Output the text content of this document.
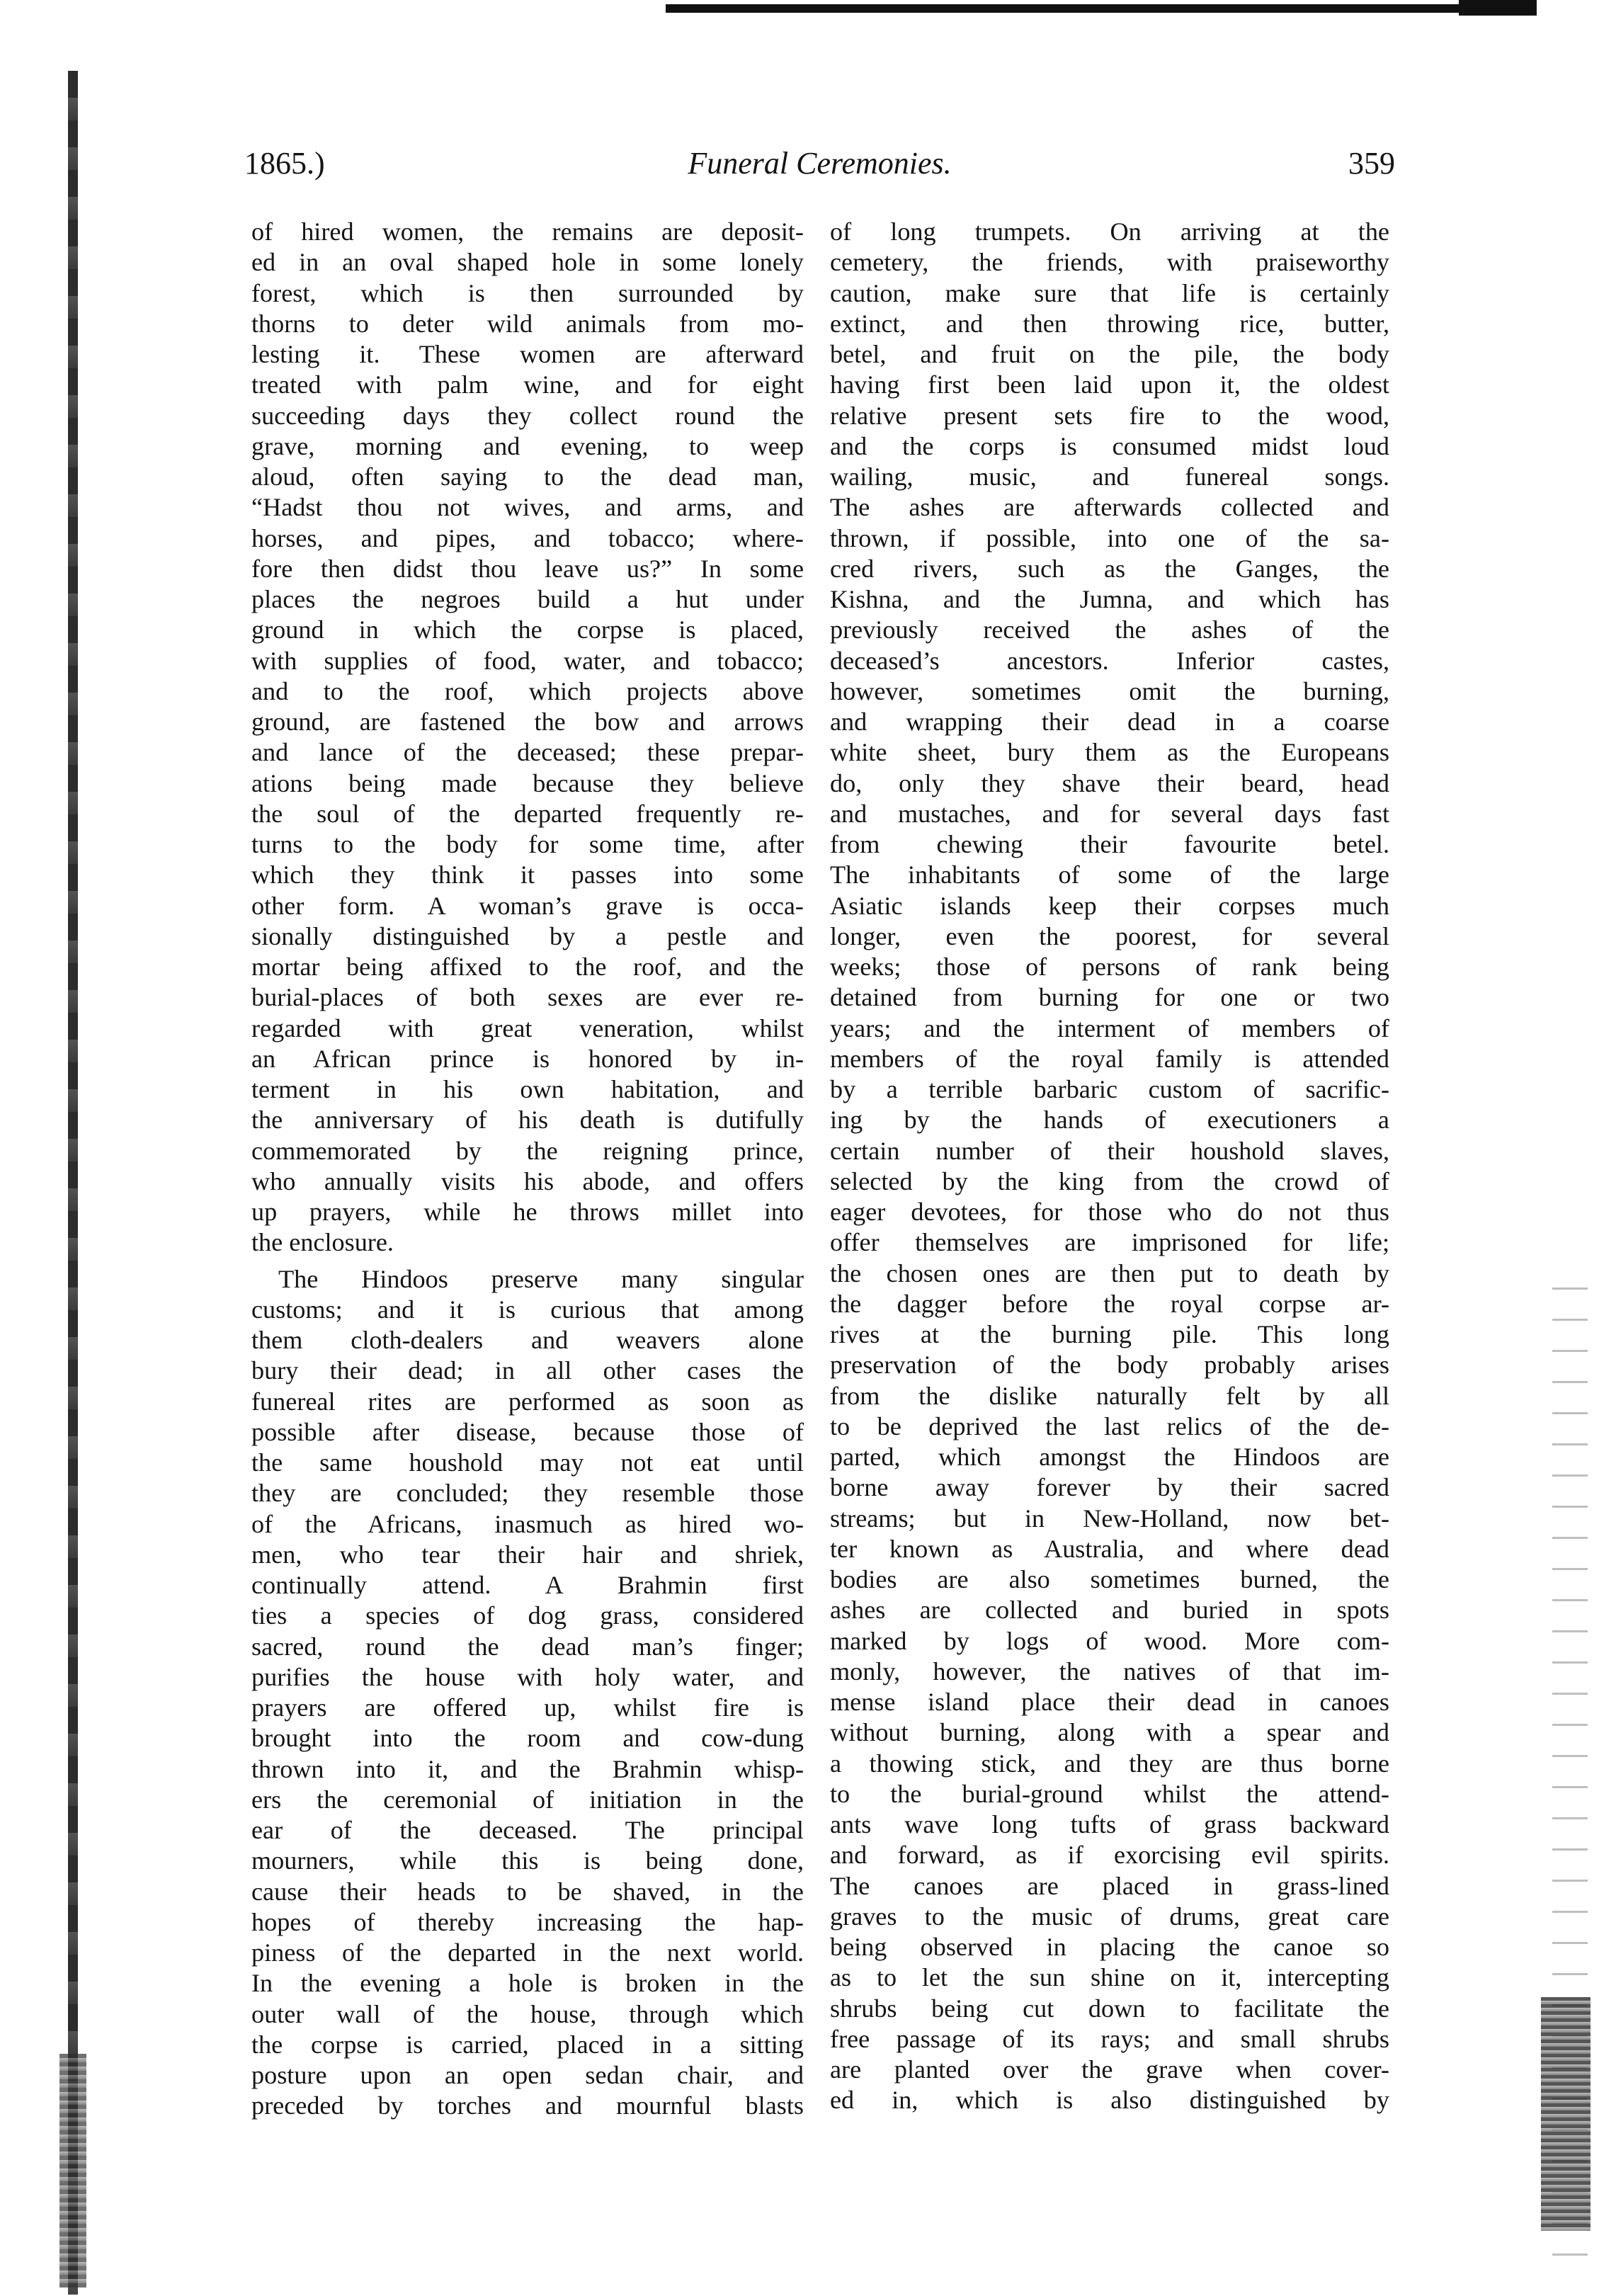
1865.)	Funeral Ceremonies.	359
of hired women, the remains are deposit-
ed in an oval shaped hole in some lonely
forest, which is then surrounded by
thorns to deter wild animals from mo-
lesting it. These women are afterward
treated with palm wine, and for eight
succeeding days they collect round the
grave, morning and evening, to weep
aloud, often saying to the dead man,
“Hadst thou not wives, and arms, and
horses, and pipes, and tobacco; where-
fore then didst thou leave us?” In some
places the negroes build a hut under
ground in which the corpse is placed,
with supplies of food, water, and tobacco;
and to the roof, which projects above
ground, are fastened the bow and arrows
and lance of the deceased; these prepar-
ations being made because they believe
the soul of the departed frequently re-
turns to the body for some time, after
which they think it passes into some
other form. A woman’s grave is occa-
sionally distinguished by a pestle and
mortar being affixed to the roof, and the
burial-places of both sexes are ever re-
regarded with great veneration, whilst
an African prince is honored by in-
terment in his own habitation, and
the anniversary of his death is dutifully
commemorated by the reigning prince,
who annually visits his abode, and offers
up prayers, while he throws millet into
the enclosure.
The Hindoos preserve many singular
customs; and it is curious that among
them cloth-dealers and weavers alone
bury their dead; in all other cases the
funereal rites are performed as soon as
possible after disease, because those of
the same houshold may not eat until
they are concluded; they resemble those
of the Africans, inasmuch as hired wo-
men, who tear their hair and shriek,
continually attend. A Brahmin first
ties a species of dog grass, considered
sacred, round the dead man’s finger;
purifies the house with holy water, and
prayers are offered up, whilst fire is
brought into the room and cow-dung
thrown into it, and the Brahmin whisp-
ers the ceremonial of initiation in the
ear of the deceased. The principal
mourners, while this is being done,
cause their heads to be shaved, in the
hopes of thereby increasing the hap-
piness of the departed in the next world.
In the evening a hole is broken in the
outer wall of the house, through which
the corpse is carried, placed in a sitting
posture upon an open sedan chair, and
preceded by torches and mournful blasts
of long trumpets. On arriving at the
cemetery, the friends, with praiseworthy
caution, make sure that life is certainly
extinct, and then throwing rice, butter,
betel, and fruit on the pile, the body
having first been laid upon it, the oldest
relative present sets fire to the wood,
and the corps is consumed midst loud
wailing, music, and funereal songs.
The ashes are afterwards collected and
thrown, if possible, into one of the sa-
cred rivers, such as the Ganges, the
Kishna, and the Jumna, and which has
previously received the ashes of the
deceased’s ancestors. Inferior castes,
however, sometimes omit the burning,
and wrapping their dead in a coarse
white sheet, bury them as the Europeans
do, only they shave their beard, head
and mustaches, and for several days fast
from chewing their favourite betel.
The inhabitants of some of the large
Asiatic islands keep their corpses much
longer, even the poorest, for several
weeks; those of persons of rank being
detained from burning for one or two
years; and the interment of members of
members of the royal family is attended
by a terrible barbaric custom of sacrific-
ing by the hands of executioners a
certain number of their houshold slaves,
selected by the king from the crowd of
eager devotees, for those who do not thus
offer themselves are imprisoned for life;
the chosen ones are then put to death by
the dagger before the royal corpse ar-
rives at the burning pile. This long
preservation of the body probably arises
from the dislike naturally felt by all
to be deprived the last relics of the de-
parted, which amongst the Hindoos are
borne away forever by their sacred
streams; but in New-Holland, now bet-
ter known as Australia, and where dead
bodies are also sometimes burned, the
ashes are collected and buried in spots
marked by logs of wood. More com-
monly, however, the natives of that im-
mense island place their dead in canoes
without burning, along with a spear and
a thowing stick, and they are thus borne
to the burial-ground whilst the attend-
ants wave long tufts of grass backward
and forward, as if exorcising evil spirits.
The canoes are placed in grass-lined
graves to the music of drums, great care
being observed in placing the canoe so
as to let the sun shine on it, intercepting
shrubs being cut down to facilitate the
free passage of its rays; and small shrubs
are planted over the grave when cover-
ed in, which is also distinguished by
